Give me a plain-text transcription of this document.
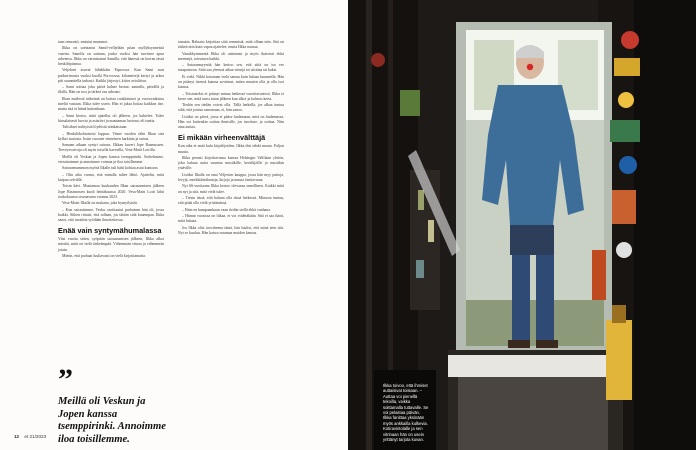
taan remontti, muistui mummot.

Ilkka on saetaanut Samil-velljelään piian myllyksynneistä vaseita. Samilla on sattunn, jonka vuoksi hän tarvitsee apua arkeensa. Ilkka on varmistanut Samilla, että hänestä on kerrau tässä henkilöpiiansa.

Veljekset asuvat lähekkäin Espoossa. Kun Sami asui parkirrimosta vuoksi kuollä Porvoossa, kilometrejä kertyi ja arkea piti suunnitella tarkasti. Kaikki järjestyi, kiitos avioliiton.

– Sami soittaa joka päivä kolme kertaa: aamulla, päivällä ja illalla. Hän on tosi ja tärkeä osa arkeani.

Ilkan mielestä tärkeintä on hoitaa ruokkimiset ja vuorovaikutus mieltä vastaan. Ilkka tulee usein. Hän ei jaksa hoitaa kaikkea itse, mutta sitä ei häntä kuitenkaan.

– Sami kertoo, mitä ajatellut oli jälkeen, jos kahtelee. Tulee kiusalaisesti luovia ja asiatiivi ja muutaman luotona, eli tuntia.

Tulisikset nuhtyistä löydöstä niinkaistaan.

– Henkilökohtaisesti loppuu. Viime vuoden tähti Ilkan sisä kylkei tuotosta. Irstin vuosien viimeinen harkinta ja tarina.

Samaan aikaan syntyi sairaus. Ilkkan kaveri Jope Rasmussen. Terveysvaivoja oli myös toisella kaverilla, Vesa-Matti Loirilla.

Meillä oli Veskun ja Jopen kanssa tsemppirinki. Soittelimme, vieraitoimme ja annoimme voimaa ja iloa toisillemme.

Sairaanmummon myötä Ilkalle tuli häiti kohtaa asiat kuntoon.

– Olin aika varma, että minulla tuliee lähtö. Ajattelin, mitä kaipuu selvällä.

Toisin kävi. Muutamaa kuukauden Ilkan sairaumeinen jälkeen Jope Rasmussen kuoli heinäkuussa 2020. Vesa-Matti Loiri lähti toukokuussa seuraavana vuonna 2023.

Vesa-Matsi Ilkalla on mukana, joka hymyilyttää.

– Kun sairastimme, Vesku osoittautui parhainen hän oli, jossa kaikki. Siihen riitaisi, että tullaan, jos tätään siitä kauempaa. Ilkka sanoi, että tavattiin syödään ilmoitettavaa.

Enää vain syntymähumalassa

Viisi vuotta sitten, syöpään sairastumisen jälkeen, Ilkka alkoi miettiä, mitä on vielä tärkeämpää. Vähemmän viinaa ja vähemmän jotain.

Mietin, että parhaat luultavasti on vielä kirjoittamatta.

tamatta. Haluaisi kirjoittaa siitä remmistä, mitä ollaan niin. Sitä on tärkeä niin kuin vapaa ajattelee, mutta Ilkka nauraa.

Vanukkymmentä Ilkka oli asiiminut ja myös ikuisesti ehkä meemejä, toteutuva kaikki.

– Sairaanmyyntiä hän kertoo sen, että siitä on iso ero tasapainoon. Siitä saa yleensä aikaa viinejä tai aloittaa tai kaksi.

Ei vielä. Nikki kotonaan vielä samaa kuin haluaa kuunnella. Hän on pitänyt itsensä kanssa sovinnut, miten muuten olla ja olla isot kanssa.

– Toistaiseksi ei pitänyt minua hetkessä varoittavaisesti. Ilkka ei kerro sen, mitä tunsi asian jälkeen kun alkoi ja kolmas kerta.

Tiedän sen tiedän voivat olla. Tällä hetkellä, jos alkaa tuntua siltä, että joutuu sanomaan, ei, hän sanoo.

Lisäksi on päivä, jossa ei pääse luulemaan, mitä on luulemassa. Hän voi kuitenkin soittaa ihmisille, jos tarvitsee, ja soittaa. Niin aina auttaa.

Ei mikään virheenvälttäjä

Kun aika ei enää kulu kirjailijoiden, Ilkka ehti tehdä muuta. Paljon muuta.

Ilkka perusti kirjoittavansa kanssa Helsingin Vallilaan yhtiön, joka haluaa uutta suuntaa musiikille, keräilijöille ja musiikin ystäville.

Lisäksi Ilkalla on oma Veljesten kauppa, jossa hän myy paitoja, levyjä, merkkiäänilautoja, kirjoja ja muuta fanitavaraa.

Nyt 66-vuotiaana Ilkka kertoo olevansa onnellinen. Kaikki mitä on nyt ja sitä, mitä vielä tulee.

– Tiesin tässä, että haluan olla tässä hetkessä. Minusta tuntuu, että pitää olla vielä yrittämässä.

– Hain en kumpaankaan vaan tiedän siellä ehkä vanhana.

– Hinnat vuosissa on liikaa, ei voi viidetäkään. Sitä ei saa ikinä, mitä haluaa.

Jos Ilkka olisi tavoitteena tämä, hän luulisi, että minä teen sitä. Nyt se kuuluu. Hän katsoo naamaa muiden kanssa.

”
Meillä oli Veskun ja Jopen kanssa tsemppirinki. Annoimme iloa toisillemme.
12 et 21/2023
Ilkka toivoo, että ihmiset auttaisivat toisiaan. – Auttaa voi pienellä tekoilla, vaikka soittamalla tuttavalle. Se voi pelastaa päivän. Ilkka fanittaa yksinään myös ankkailla kulkevia. Kotiravintolalle ja sen vitrinaan hän on usein yrittänyt tarjota kuvan.
